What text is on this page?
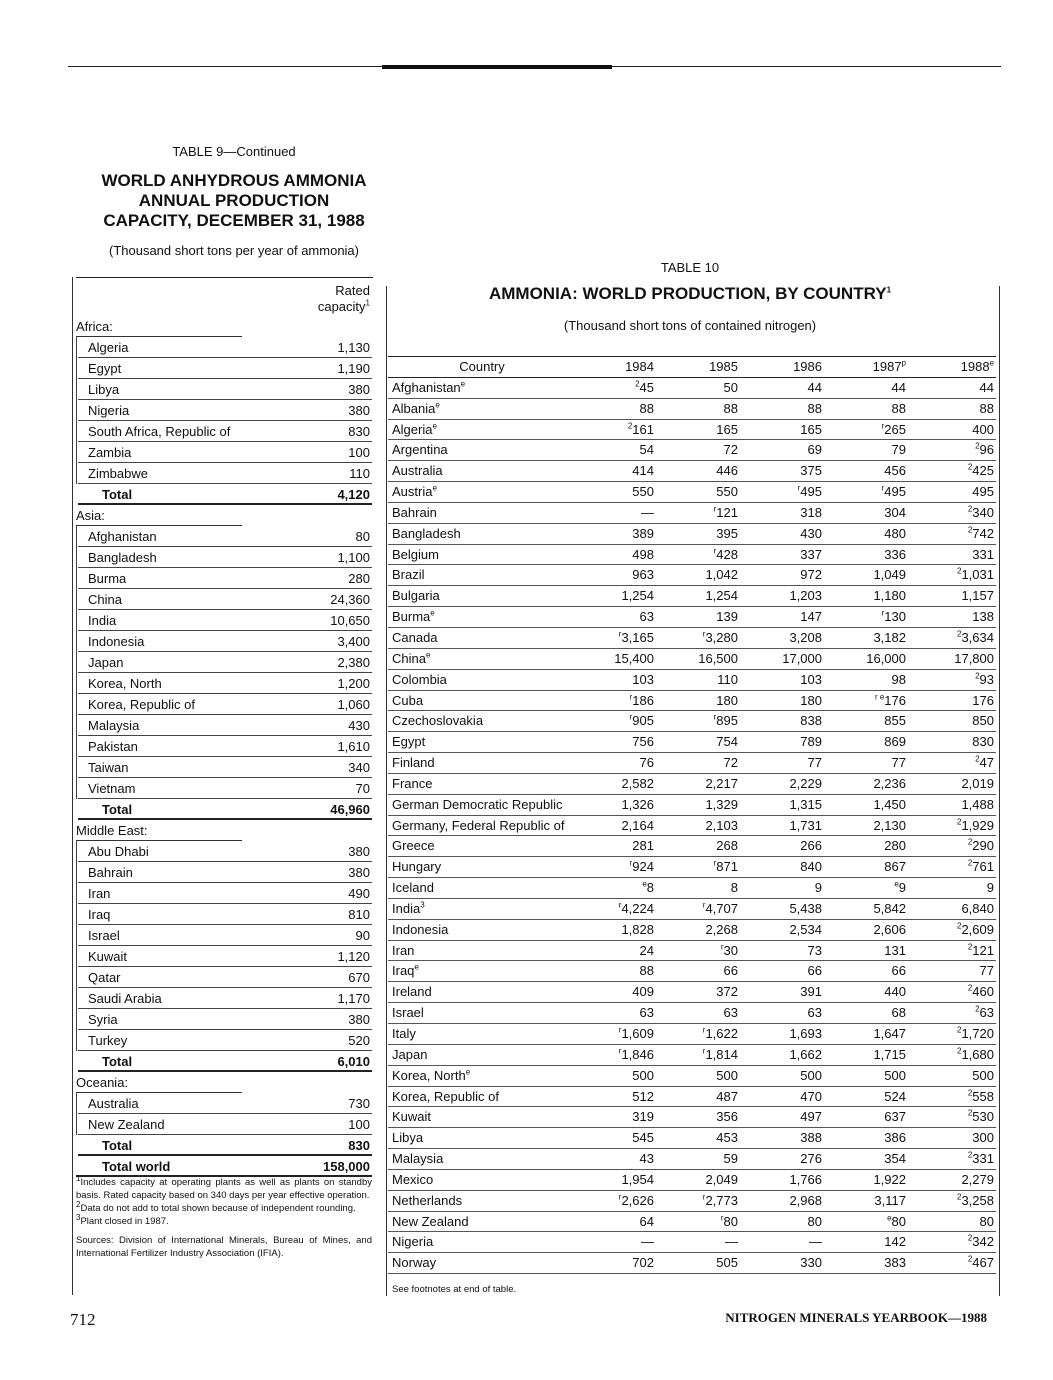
TABLE 9—Continued
WORLD ANHYDROUS AMMONIA
ANNUAL PRODUCTION
CAPACITY, DECEMBER 31, 1988
(Thousand short tons per year of ammonia)
Rated
capacity$^1$
Africa:
Algeria	1,130
Egypt	1,190
Libya	380
Nigeria	380
South Africa, Republic of	830
Zambia	100
Zimbabwe	110
Total	4,120
Asia:
Afghanistan	80
Bangladesh	1,100
Burma	280
China	24,360
India	10,650
Indonesia	3,400
Japan	2,380
Korea, North	1,200
Korea, Republic of	1,060
Malaysia	430
Pakistan	1,610
Taiwan	340
Vietnam	70
Total	46,960
Middle East:
Abu Dhabi	380
Bahrain	380
Iran	490
Iraq	810
Israel	90
Kuwait	1,120
Qatar	670
Saudi Arabia	1,170
Syria	380
Turkey	520
Total	6,010
Oceania:
Australia	730
New Zealand	100
Total	830
Total world	158,000

$^1$Includes capacity at operating plants as well as plants on standby basis. Rated capacity based on 340 days per year effective operation.

$^2$Data do not add to total shown because of independent rounding.

$^3$Plant closed in 1987.

Sources: Division of International Minerals, Bureau of Mines, and International Fertilizer Industry Association (IFIA).

TABLE 10
AMMONIA: WORLD PRODUCTION, BY COUNTRY$^1$
(Thousand short tons of contained nitrogen)
Country	1984	1985	1986	1987$^p$	1988e
Afghanistan$^e$	$^2$45	50	44	44	44
Albania$^e$	88	88	88	88	88
Algeria$^e$	$^2$161	165	165	$^r$265	400
Argentina	54	72	69	79	$^2$96
Australia	414	446	375	456	$^2$425
Austria$^e$	550	550	$^r$495	$^r$495	495
Bahrain	—	$^r$121	318	304	$^2$340
Bangladesh	389	395	430	480	$^2$742
Belgium	498	$^r$428	337	336	331
Brazil	963	1,042	972	1,049	$^2$1,031
Bulgaria	1,254	1,254	1,203	1,180	1,157
Burma$^e$	63	139	147	$^r$130	138
Canada	$^r$3,165	$^r$3,280	3,208	3,182	$^2$3,634
China$^e$	15,400	16,500	17,000	16,000	17,800
Colombia	103	110	103	98	$^2$93
Cuba	$^r$186	180	180	$^{r e}$176	176
Czechoslovakia	$^r$905	$^r$895	838	855	850
Egypt	756	754	789	869	830
Finland	76	72	77	77	$^2$47
France	2,582	2,217	2,229	2,236	2,019
German Democratic Republic	1,326	1,329	1,315	1,450	1,488
Germany, Federal Republic of	2,164	2,103	1,731	2,130	$^2$1,929
Greece	281	268	266	280	$^2$290
Hungary	$^r$924	$^r$871	840	867	$^2$761
Iceland	$^e$8	8	9	$^e$9	9
India$^3$	$^r$4,224	$^r$4,707	5,438	5,842	6,840
Indonesia	1,828	2,268	2,534	2,606	$^2$2,609
Iran	24	$^r$30	73	131	$^2$121
Iraq$^e$	88	66	66	66	77
Ireland	409	372	391	440	$^2$460
Israel	63	63	63	68	$^2$63
Italy	$^r$1,609	$^r$1,622	1,693	1,647	$^2$1,720
Japan	$^r$1,846	$^r$1,814	1,662	1,715	$^2$1,680
Korea, North$^e$	500	500	500	500	500
Korea, Republic of	512	487	470	524	$^2$558
Kuwait	319	356	497	637	$^2$530
Libya	545	453	388	386	300
Malaysia	43	59	276	354	$^2$331
Mexico	1,954	2,049	1,766	1,922	2,279
Netherlands	$^r$2,626	$^r$2,773	2,968	3,117	$^2$3,258
New Zealand	64	$^r$80	80	$^e$80	80
Nigeria	—	—	—	142	$^2$342
Norway	702	505	330	383	$^2$467
See footnotes at end of table.
712	NITROGEN MINERALS YEARBOOK—1988
